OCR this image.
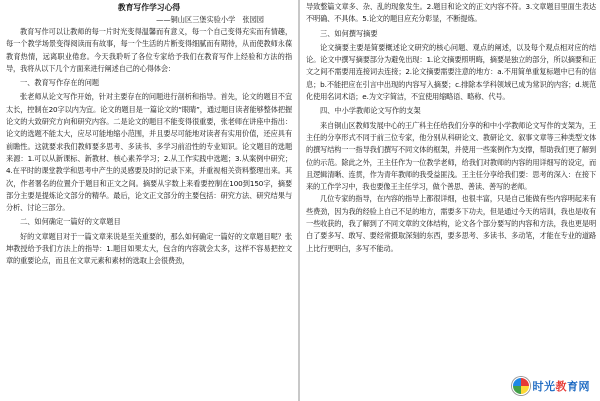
教育写作学习心得
——铜山区三堡实验小学　张园园

教育写作可以让教师的每一片时光变得温馨而有意义，每一个自己变得充实而有情趣，每一个教学场景变得阅读而有故事，每一个生活的片断变得细腻而有期待，从而使教师永葆教育热情，远离职业倦怠。今天我聆听了各位专家给予我们在教育写作上经验和方法的指导，我将从以下几个方面来进行阐述自己的心得体会：

一、教育写作存在的问题

张老师从论文写作开始，针对主要存在的问题进行剖析和指导。首先，论文的题目不宜太长，控制在20字以内为宜。论文的题目是一篇论文的“眼睛”，通过题目读者能够整体把握论文的大致研究方向和研究内容。二是论文的题目不能变得很重要，张老师在讲座中指出：论文的选题不能太大，应尽可能地缩小范围，并且要尽可能地对读者有实用价值，还应具有前瞻性。这就要求我们教师要多思考、多读书、多学习前沿性的专业知识。论文题目的选题来源：1.可以从新课标、新教材、核心素养学习；2.从工作实践中选题；3.从案例中研究；4.在平时的课堂教学和思考中产生的灵感要及时的记录下来，并重视相关资料整理出来。其次，作者署名的位置介于题目和正文之间。摘要从字数上来看要控制在100到150字，摘要部分主要是提炼论文部分的精华。最后，论文正文部分的主要包括：研究方法、研究结果与分析、讨论三部分。

二、如何确定一篇好的文章题目

好的文章题目对于一篇文章来说是至关重要的，那么如何确定一篇好的文章题目呢？张坤教授给予我们方法上的指导：1.题目如果太大，包含的内容就会太多，这样不容易把控文章的重要论点，而且在文章元素和素材的选取上会很费劲，

导致整篇文章多、杂、乱的现象发生。2.题目和论文的正文内容不符。3.文章题目里面生表达不明确、不具体。5.论文的题目应充分彰显，不断提炼。

三、如何撰写摘要

论文摘要主要是简要概述论文研究的核心问题、观点的阐述，以及每个观点相对应的结论。论文中撰写摘要部分为避免出现：1.论文摘要照明晦，摘要是独立的部分，所以摘要和正文之间不需要用连接词去连接；2.论文摘要需要注意的地方：a.不用简单重复标题中已有的信息；b.不能把应在引言中出现的内容写入摘要；c.排除本学科领域已成为常识的内容；d.规范化使用名词术语；e.为文字简洁，不宜使用缩略语、略称、代号。

四、中小学教师论文写作的支架

来自铜山区教师发展中心的王广科主任给我们分享的和中小学教师论文写作的支架为，王主任的分享形式不同于前三位专家，他分别从科研论文、教研论文、叙事文章等三种类型文体的撰写结构一一指导我们撰写不同文体的框架，并使用一些案例作为支撑，帮助我们更了解到位的示范。除此之外，王主任作为一位教学老师，给我们对教师的内容的用详细写的设定，而且逻辑清晰、连贯，作为青年教师的我受益匪浅。王主任分享给我们要：思考的深入：在接下来的工作学习中，我也要像王主任学习，做个善思、善读、善写的老师。

几位专家的指导，在内容的指导上都很详细，也很丰富，只是自己能做有些内容明起来有些费劲，因为我的经验上自己不足的地方，需要多下功夫，但是通过今天的培训，我也是收有一些收获的，我了解到了不同文章的文体结构，论文各个部分要写的内容和方法，我也更是明白了要多写、敢写、要经常摄取深刻的东西，要多思考、多读书、多动笔，才能在专业的道路上比行更明白，多写不能动。

时光教育网
